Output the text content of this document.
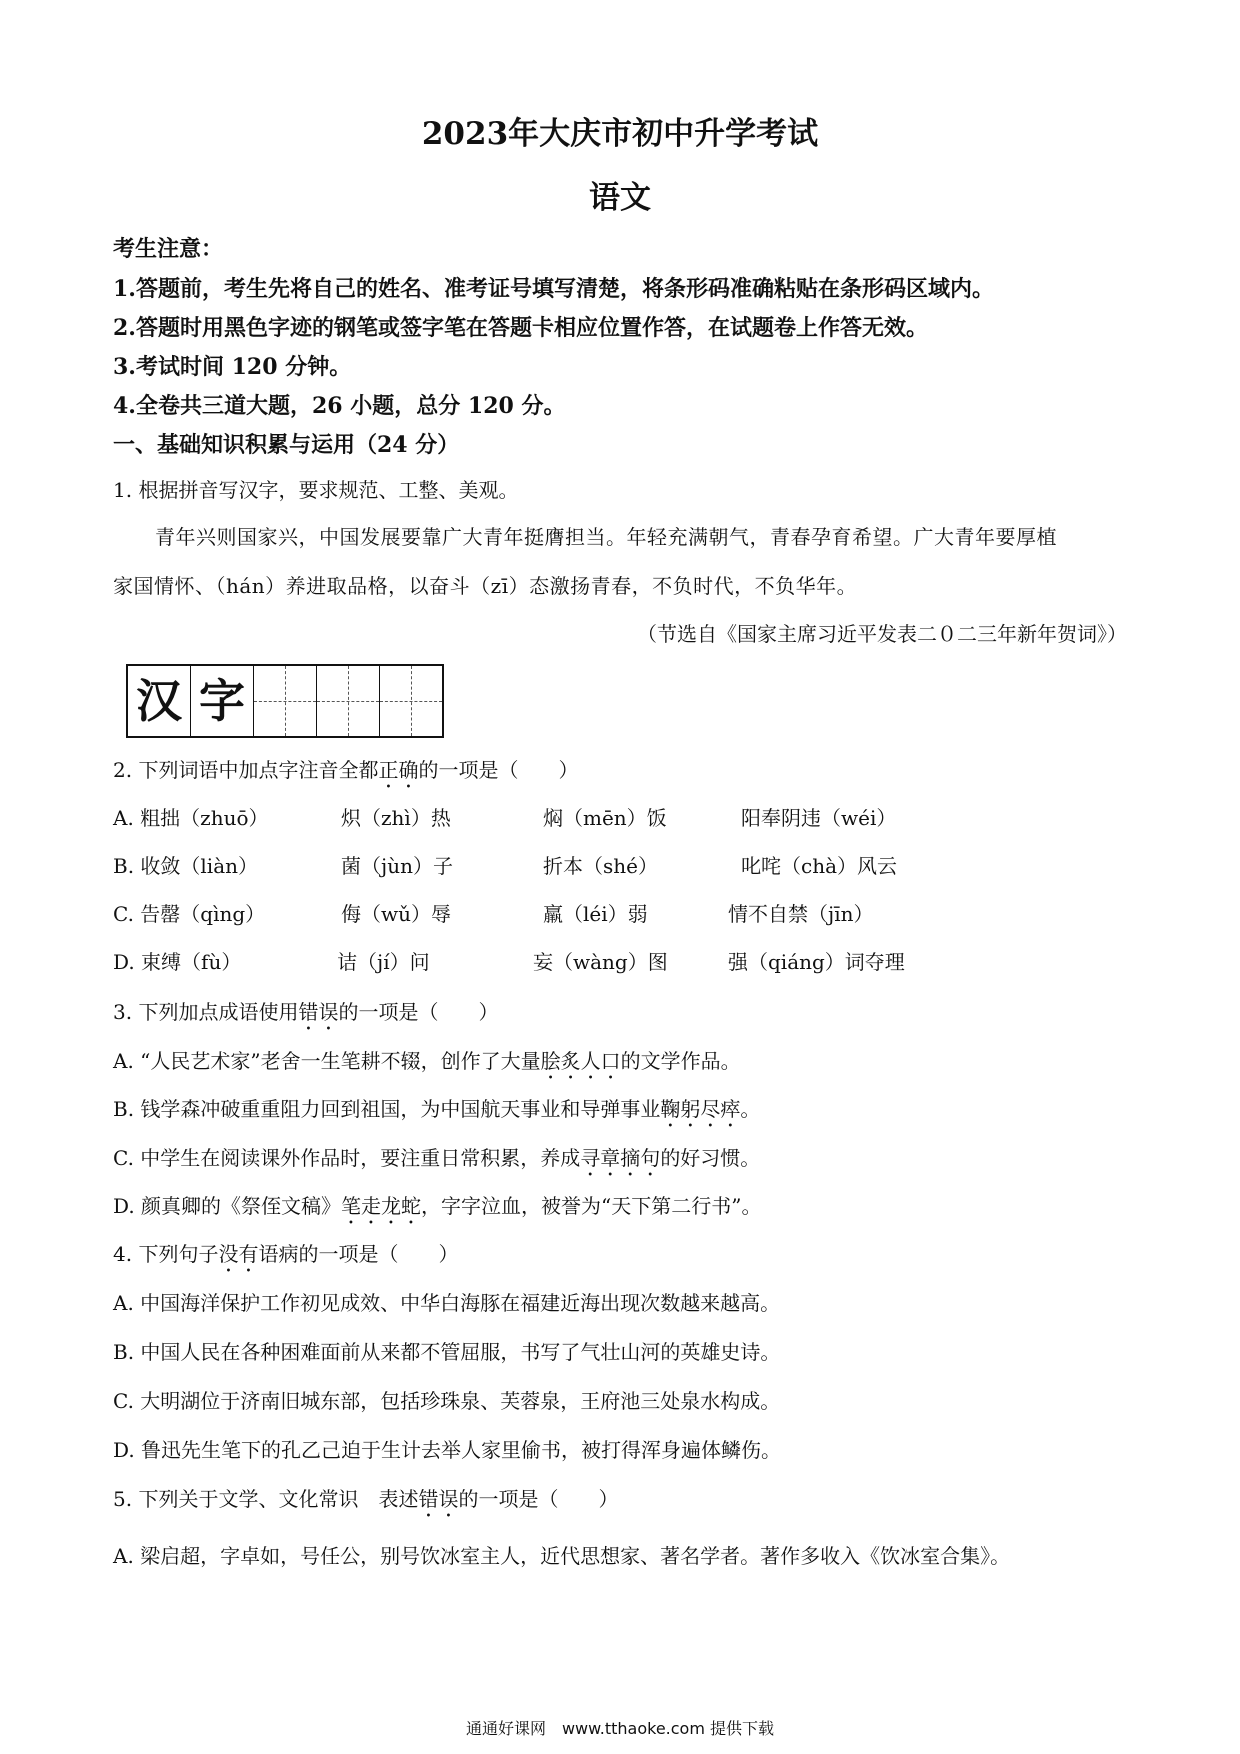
2023年大庆市初中升学考试
语文
考生注意：
1.答题前，考生先将自己的姓名、准考证号填写清楚，将条形码准确粘贴在条形码区域内。
2.答题时用黑色字迹的钢笔或签字笔在答题卡相应位置作答，在试题卷上作答无效。
3.考试时间 120 分钟。
4.全卷共三道大题，26 小题，总分 120 分。
一、基础知识积累与运用（24 分）
1. 根据拼音写汉字，要求规范、工整、美观。
青年兴则国家兴，中国发展要靠广大青年挺膺担当。年轻充满朝气，青春孕育希望。广大青年要厚植
家国情怀、（hán）养进取品格，以奋斗（zī）态激扬青春，不负时代，不负华年。
（节选自《国家主席习近平发表二０二三年新年贺词》）
汉 字
2. 下列词语中加点字注音全都正确的一项是（　　）
A. 粗拙（zhuō）	炽（zhì）热	焖（mēn）饭	阳奉阴违（wéi）
B. 收敛（liàn）	菌（jùn）子	折本（shé）	叱咤（chà）风云
C. 告罄（qìng）	侮（wǔ）辱	羸（léi）弱	情不自禁（jīn）
D. 束缚（fù）	诘（jí）问	妄（wàng）图	强（qiáng）词夺理
3. 下列加点成语使用错误的一项是（　　）
A. “人民艺术家”老舍一生笔耕不辍，创作了大量脍炙人口的文学作品。
B. 钱学森冲破重重阻力回到祖国，为中国航天事业和导弹事业鞠躬尽瘁。
C. 中学生在阅读课外作品时，要注重日常积累，养成寻章摘句的好习惯。
D. 颜真卿的《祭侄文稿》笔走龙蛇，字字泣血，被誉为“天下第二行书”。
4. 下列句子没有语病的一项是（　　）
A. 中国海洋保护工作初见成效、中华白海豚在福建近海出现次数越来越高。
B. 中国人民在各种困难面前从来都不管屈服，书写了气壮山河的英雄史诗。
C. 大明湖位于济南旧城东部，包括珍珠泉、芙蓉泉，王府池三处泉水构成。
D. 鲁迅先生笔下的孔乙己迫于生计去举人家里偷书，被打得浑身遍体鳞伤。
5. 下列关于文学、文化常识　表述错误的一项是（　　）
A. 梁启超，字卓如，号任公，别号饮冰室主人，近代思想家、著名学者。著作多收入《饮冰室合集》。
通通好课网　www.tthaoke.com 提供下载
